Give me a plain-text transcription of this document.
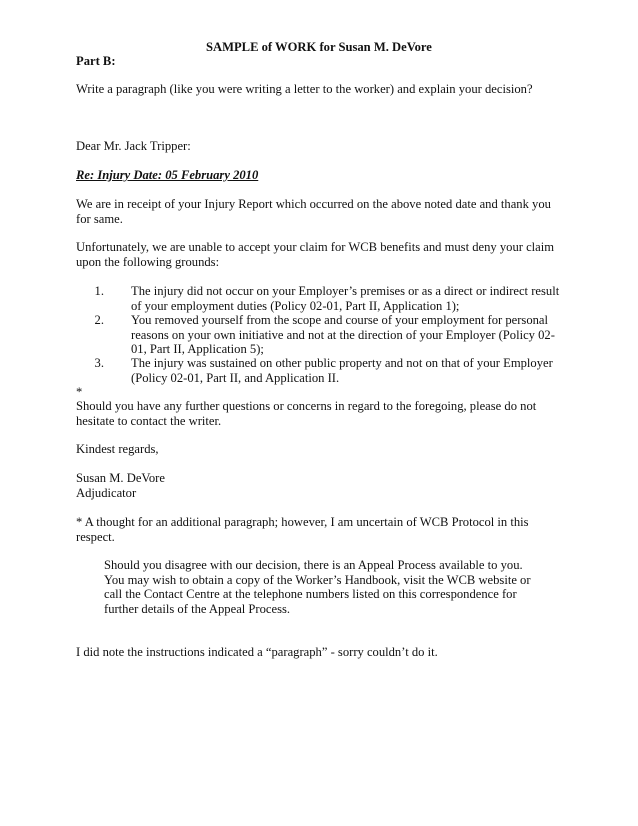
SAMPLE of WORK for Susan M. DeVore
Part B:
Write a paragraph (like you were writing a letter to the worker) and explain your decision?
Dear Mr. Jack Tripper:
Re: Injury Date: 05 February 2010
We are in receipt of your Injury Report which occurred on the above noted date and thank you
for same.
Unfortunately, we are unable to accept your claim for WCB benefits and must deny your claim
upon the following grounds:
1. The injury did not occur on your Employer’s premises or as a direct or indirect result
of your employment duties (Policy 02-01, Part II, Application 1);
2. You removed yourself from the scope and course of your employment for personal
reasons on your own initiative and not at the direction of your Employer (Policy 02-
01, Part II, Application 5);
3. The injury was sustained on other public property and not on that of your Employer
(Policy 02-01, Part II, and Application II.
*
Should you have any further questions or concerns in regard to the foregoing, please do not
hesitate to contact the writer.
Kindest regards,
Susan M. DeVore
Adjudicator
* A thought for an additional paragraph; however, I am uncertain of WCB Protocol in this
respect.
Should you disagree with our decision, there is an Appeal Process available to you.
You may wish to obtain a copy of the Worker’s Handbook, visit the WCB website or
call the Contact Centre at the telephone numbers listed on this correspondence for
further details of the Appeal Process.
I did note the instructions indicated a “paragraph” - sorry couldn’t do it.
